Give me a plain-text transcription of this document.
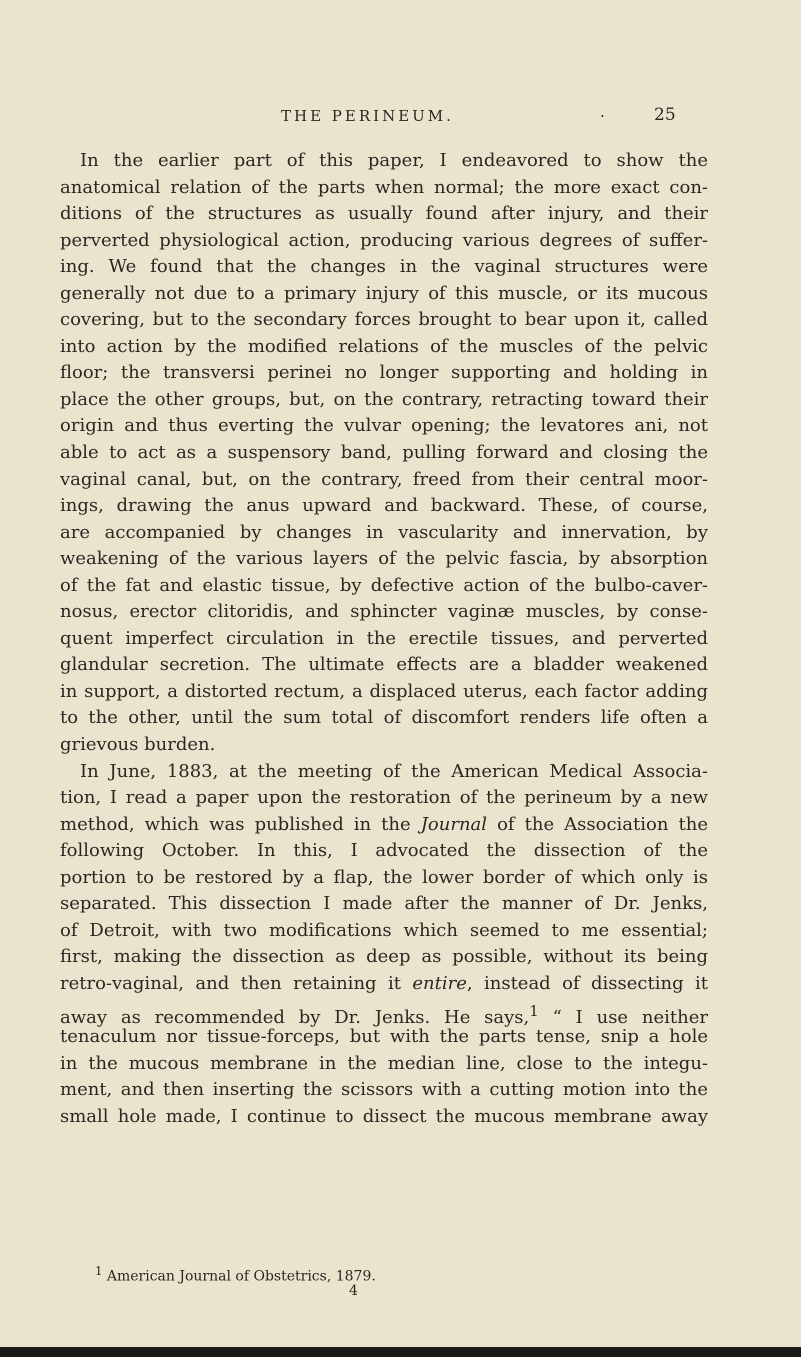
THE PERINEUM.	·	25
In the earlier part of this paper, I endeavored to show the
anatomical relation of the parts when normal; the more exact con-
ditions of the structures as usually found after injury, and their
perverted physiological action, producing various degrees of suffer-
ing. We found that the changes in the vaginal structures were
generally not due to a primary injury of this muscle, or its mucous
covering, but to the secondary forces brought to bear upon it, called
into action by the modified relations of the muscles of the pelvic
floor; the transversi perinei no longer supporting and holding in
place the other groups, but, on the contrary, retracting toward their
origin and thus everting the vulvar opening; the levatores ani, not
able to act as a suspensory band, pulling forward and closing the
vaginal canal, but, on the contrary, freed from their central moor-
ings, drawing the anus upward and backward. These, of course,
are accompanied by changes in vascularity and innervation, by
weakening of the various layers of the pelvic fascia, by absorption
of the fat and elastic tissue, by defective action of the bulbo-caver-
nosus, erector clitoridis, and sphincter vaginæ muscles, by conse-
quent imperfect circulation in the erectile tissues, and perverted
glandular secretion. The ultimate effects are a bladder weakened
in support, a distorted rectum, a displaced uterus, each factor adding
to the other, until the sum total of discomfort renders life often a
grievous burden.
In June, 1883, at the meeting of the American Medical Associa-
tion, I read a paper upon the restoration of the perineum by a new
method, which was published in the Journal of the Association the
following October. In this, I advocated the dissection of the
portion to be restored by a flap, the lower border of which only is
separated. This dissection I made after the manner of Dr. Jenks,
of Detroit, with two modifications which seemed to me essential;
first, making the dissection as deep as possible, without its being
retro-vaginal, and then retaining it entire, instead of dissecting it
away as recommended by Dr. Jenks. He says,$^1$ “ I use neither
tenaculum nor tissue-forceps, but with the parts tense, snip a hole
in the mucous membrane in the median line, close to the integu-
ment, and then inserting the scissors with a cutting motion into the
small hole made, I continue to dissect the mucous membrane away
$^1$ American Journal of Obstetrics, 1879.
4
